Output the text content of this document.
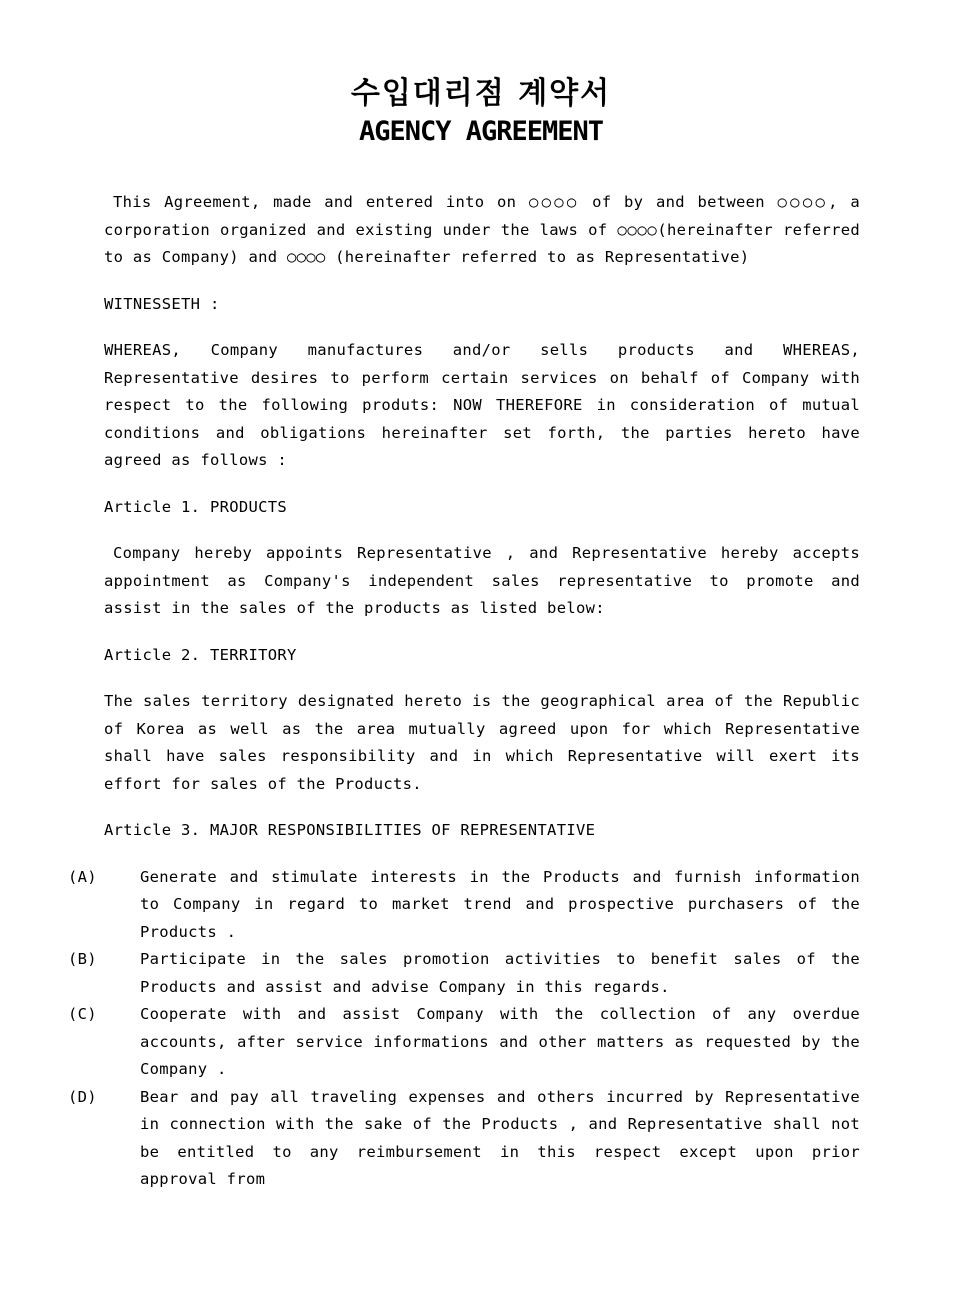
수입대리점 계약서
AGENCY AGREEMENT

This Agreement, made and entered into on ○○○○ of by and between ○○○○, a corporation organized and existing under the laws of ○○○○(hereinafter referred to as Company) and ○○○○ (hereinafter referred to as Representative)

WITNESSETH :

WHEREAS, Company manufactures and/or sells products and WHEREAS, Representative desires to perform certain services on behalf of Company with respect to the following produts: NOW THEREFORE in consideration of mutual conditions and obligations hereinafter set forth, the parties hereto have agreed as follows :

Article 1. PRODUCTS

Company hereby appoints Representative , and Representative hereby accepts appointment as Company's independent sales representative to promote and assist in the sales of the products as listed below:

Article 2. TERRITORY

The sales territory designated hereto is the geographical area of the Republic of Korea as well as the area mutually agreed upon for which Representative shall have sales responsibility and in which Representative will exert its effort for sales of the Products.

Article 3. MAJOR RESPONSIBILITIES OF REPRESENTATIVE

(A)	Generate and stimulate interests in the Products and furnish information to Company in regard to market trend and prospective purchasers of the Products .
(B)	Participate in the sales promotion activities to benefit sales of the Products and assist and advise Company in this regards.
(C)	Cooperate with and assist Company with the collection of any overdue accounts, after service informations and other matters as requested by the Company .
(D)	Bear and pay all traveling expenses and others incurred by Representative in connection with the sake of the Products , and Representative shall not be entitled to any reimbursement in this respect except upon prior approval from
